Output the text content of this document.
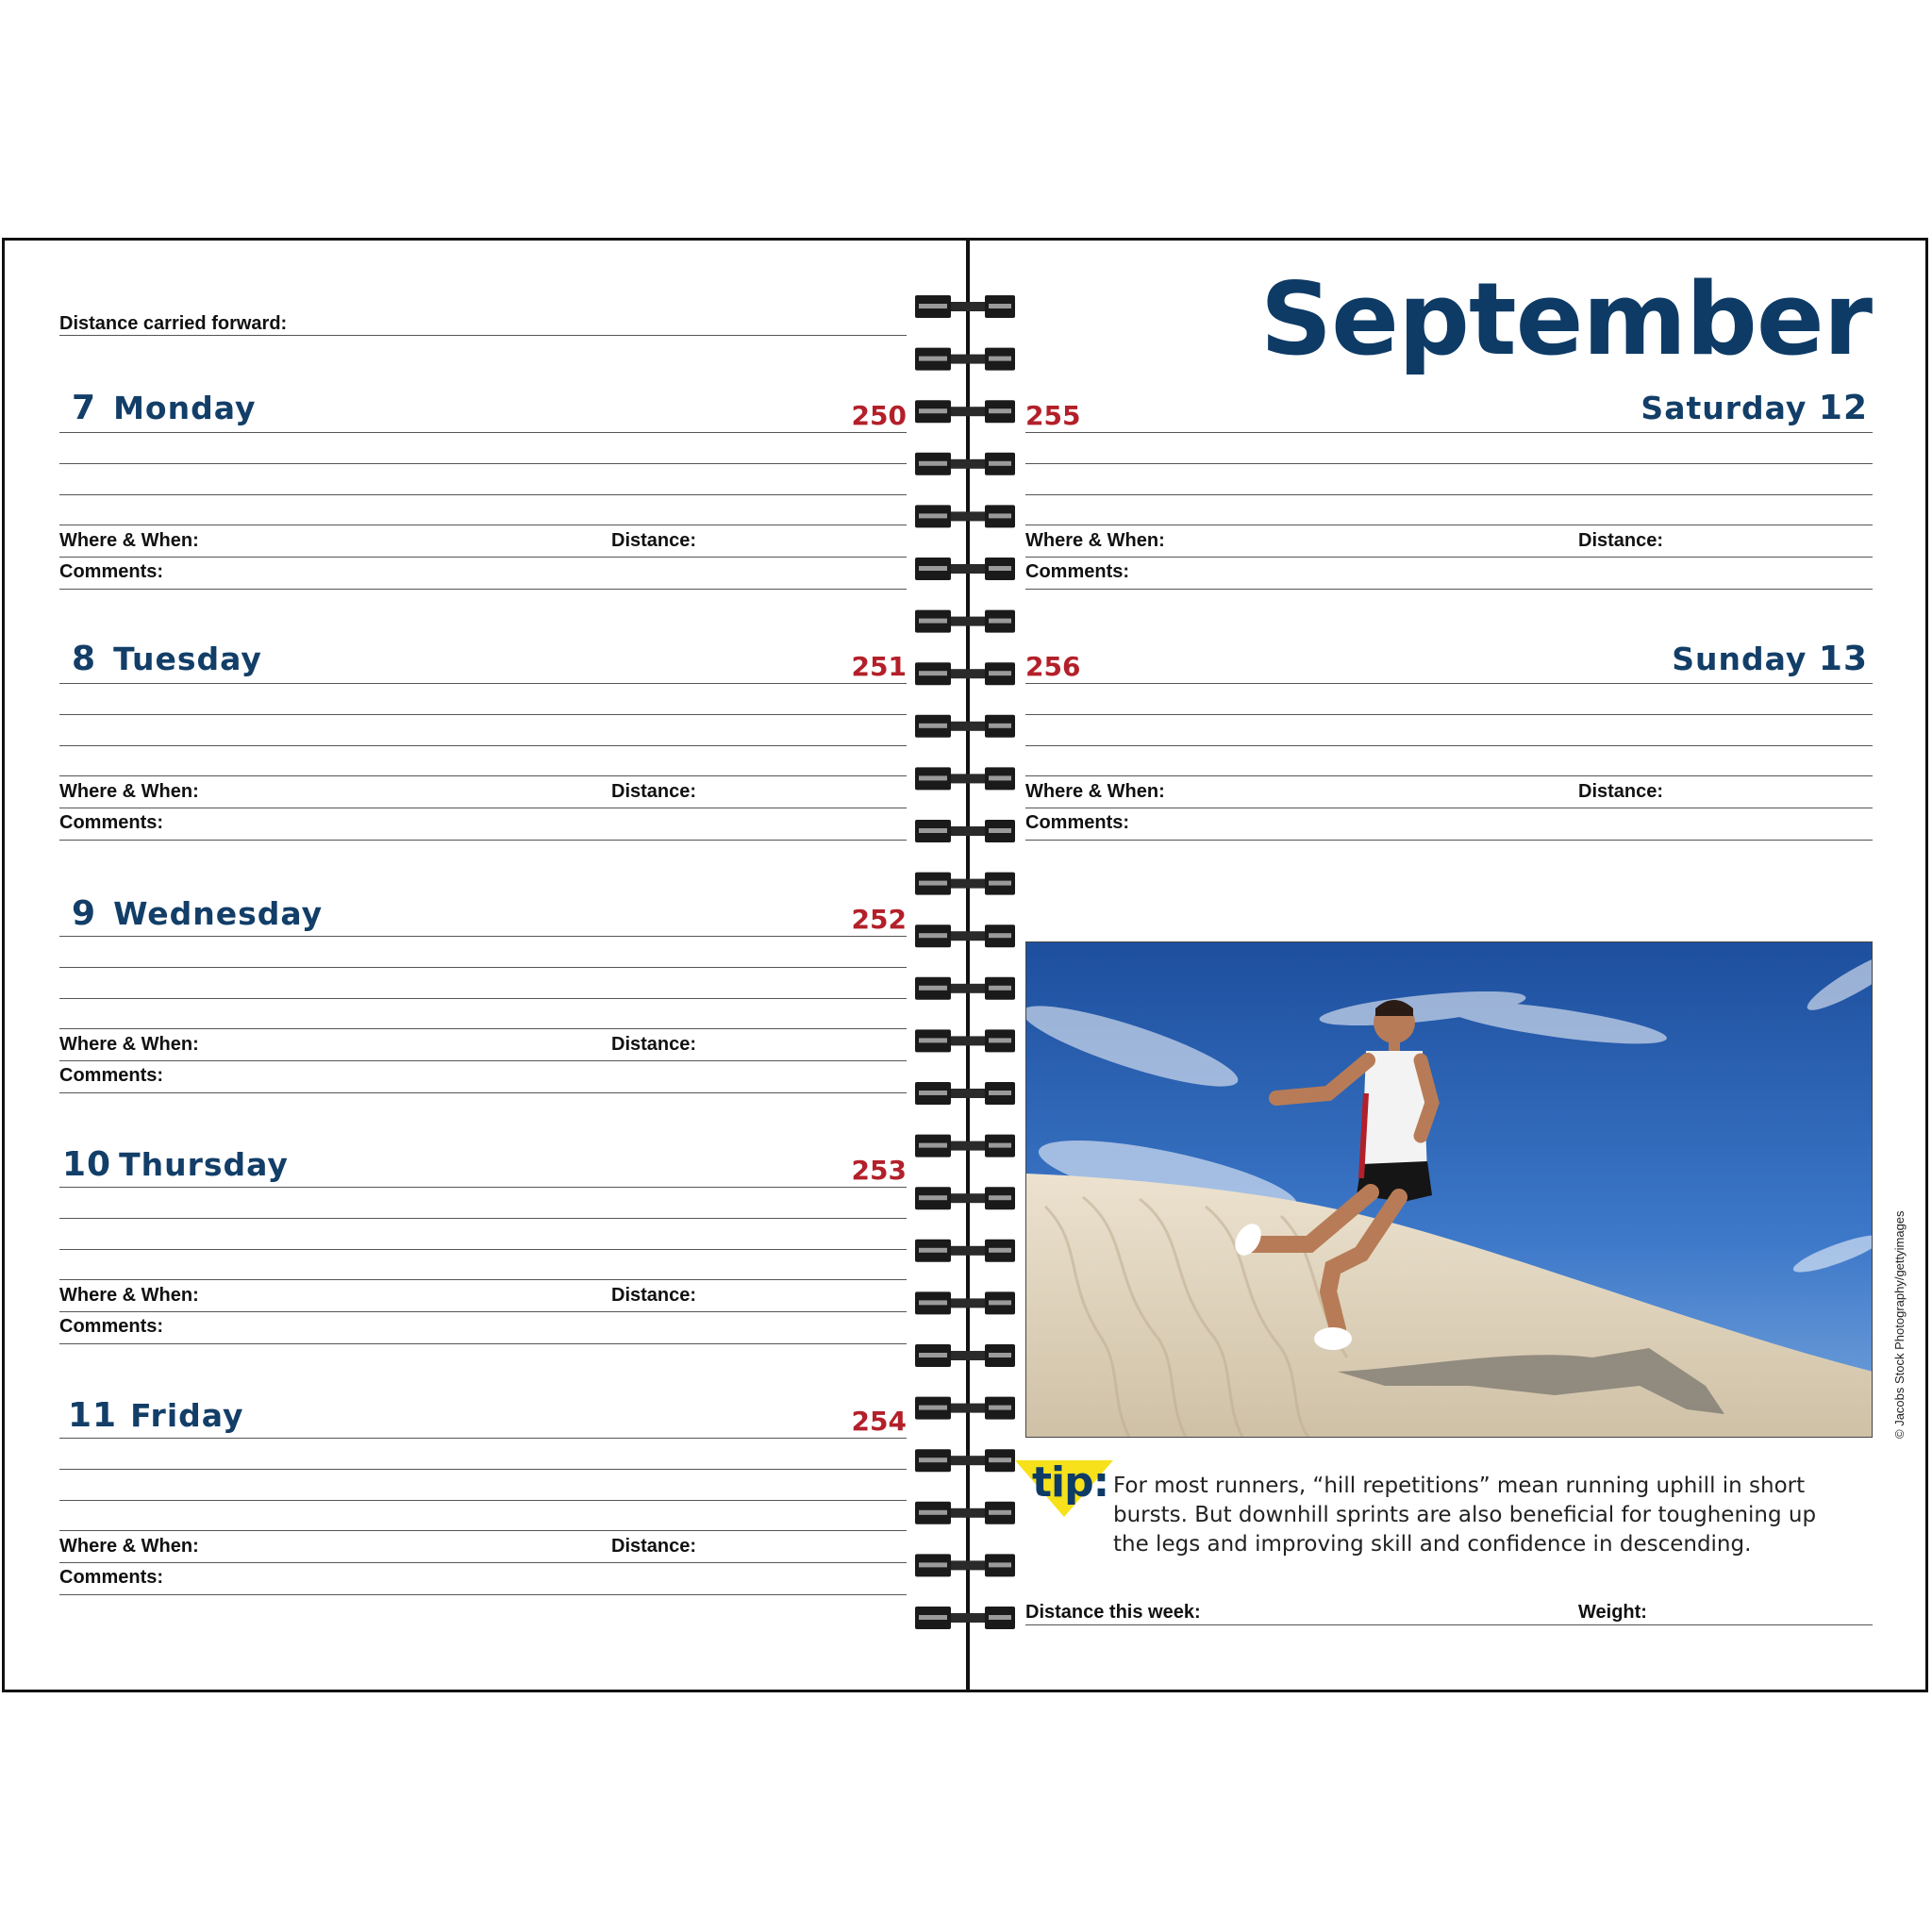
Distance carried forward:
7 Monday	250
8 Tuesday	251
9 Wednesday	252
10 Thursday	253
11 Friday	254
September
255	Saturday 12
256	Sunday 13
© Jacobs Stock Photography/gettyimages
tip: For most runners, “hill repetitions” mean running uphill in short bursts. But downhill sprints are also beneficial for toughening up the legs and improving skill and confidence in descending.
Distance this week:	Weight:
Where & When:	Distance:
Comments:
Where & When:	Distance:
Comments:
Where & When:	Distance:
Comments:
Where & When:	Distance:
Comments:
Where & When:	Distance:
Comments:
Where & When:	Distance:
Comments:
Where & When:	Distance:
Comments:
